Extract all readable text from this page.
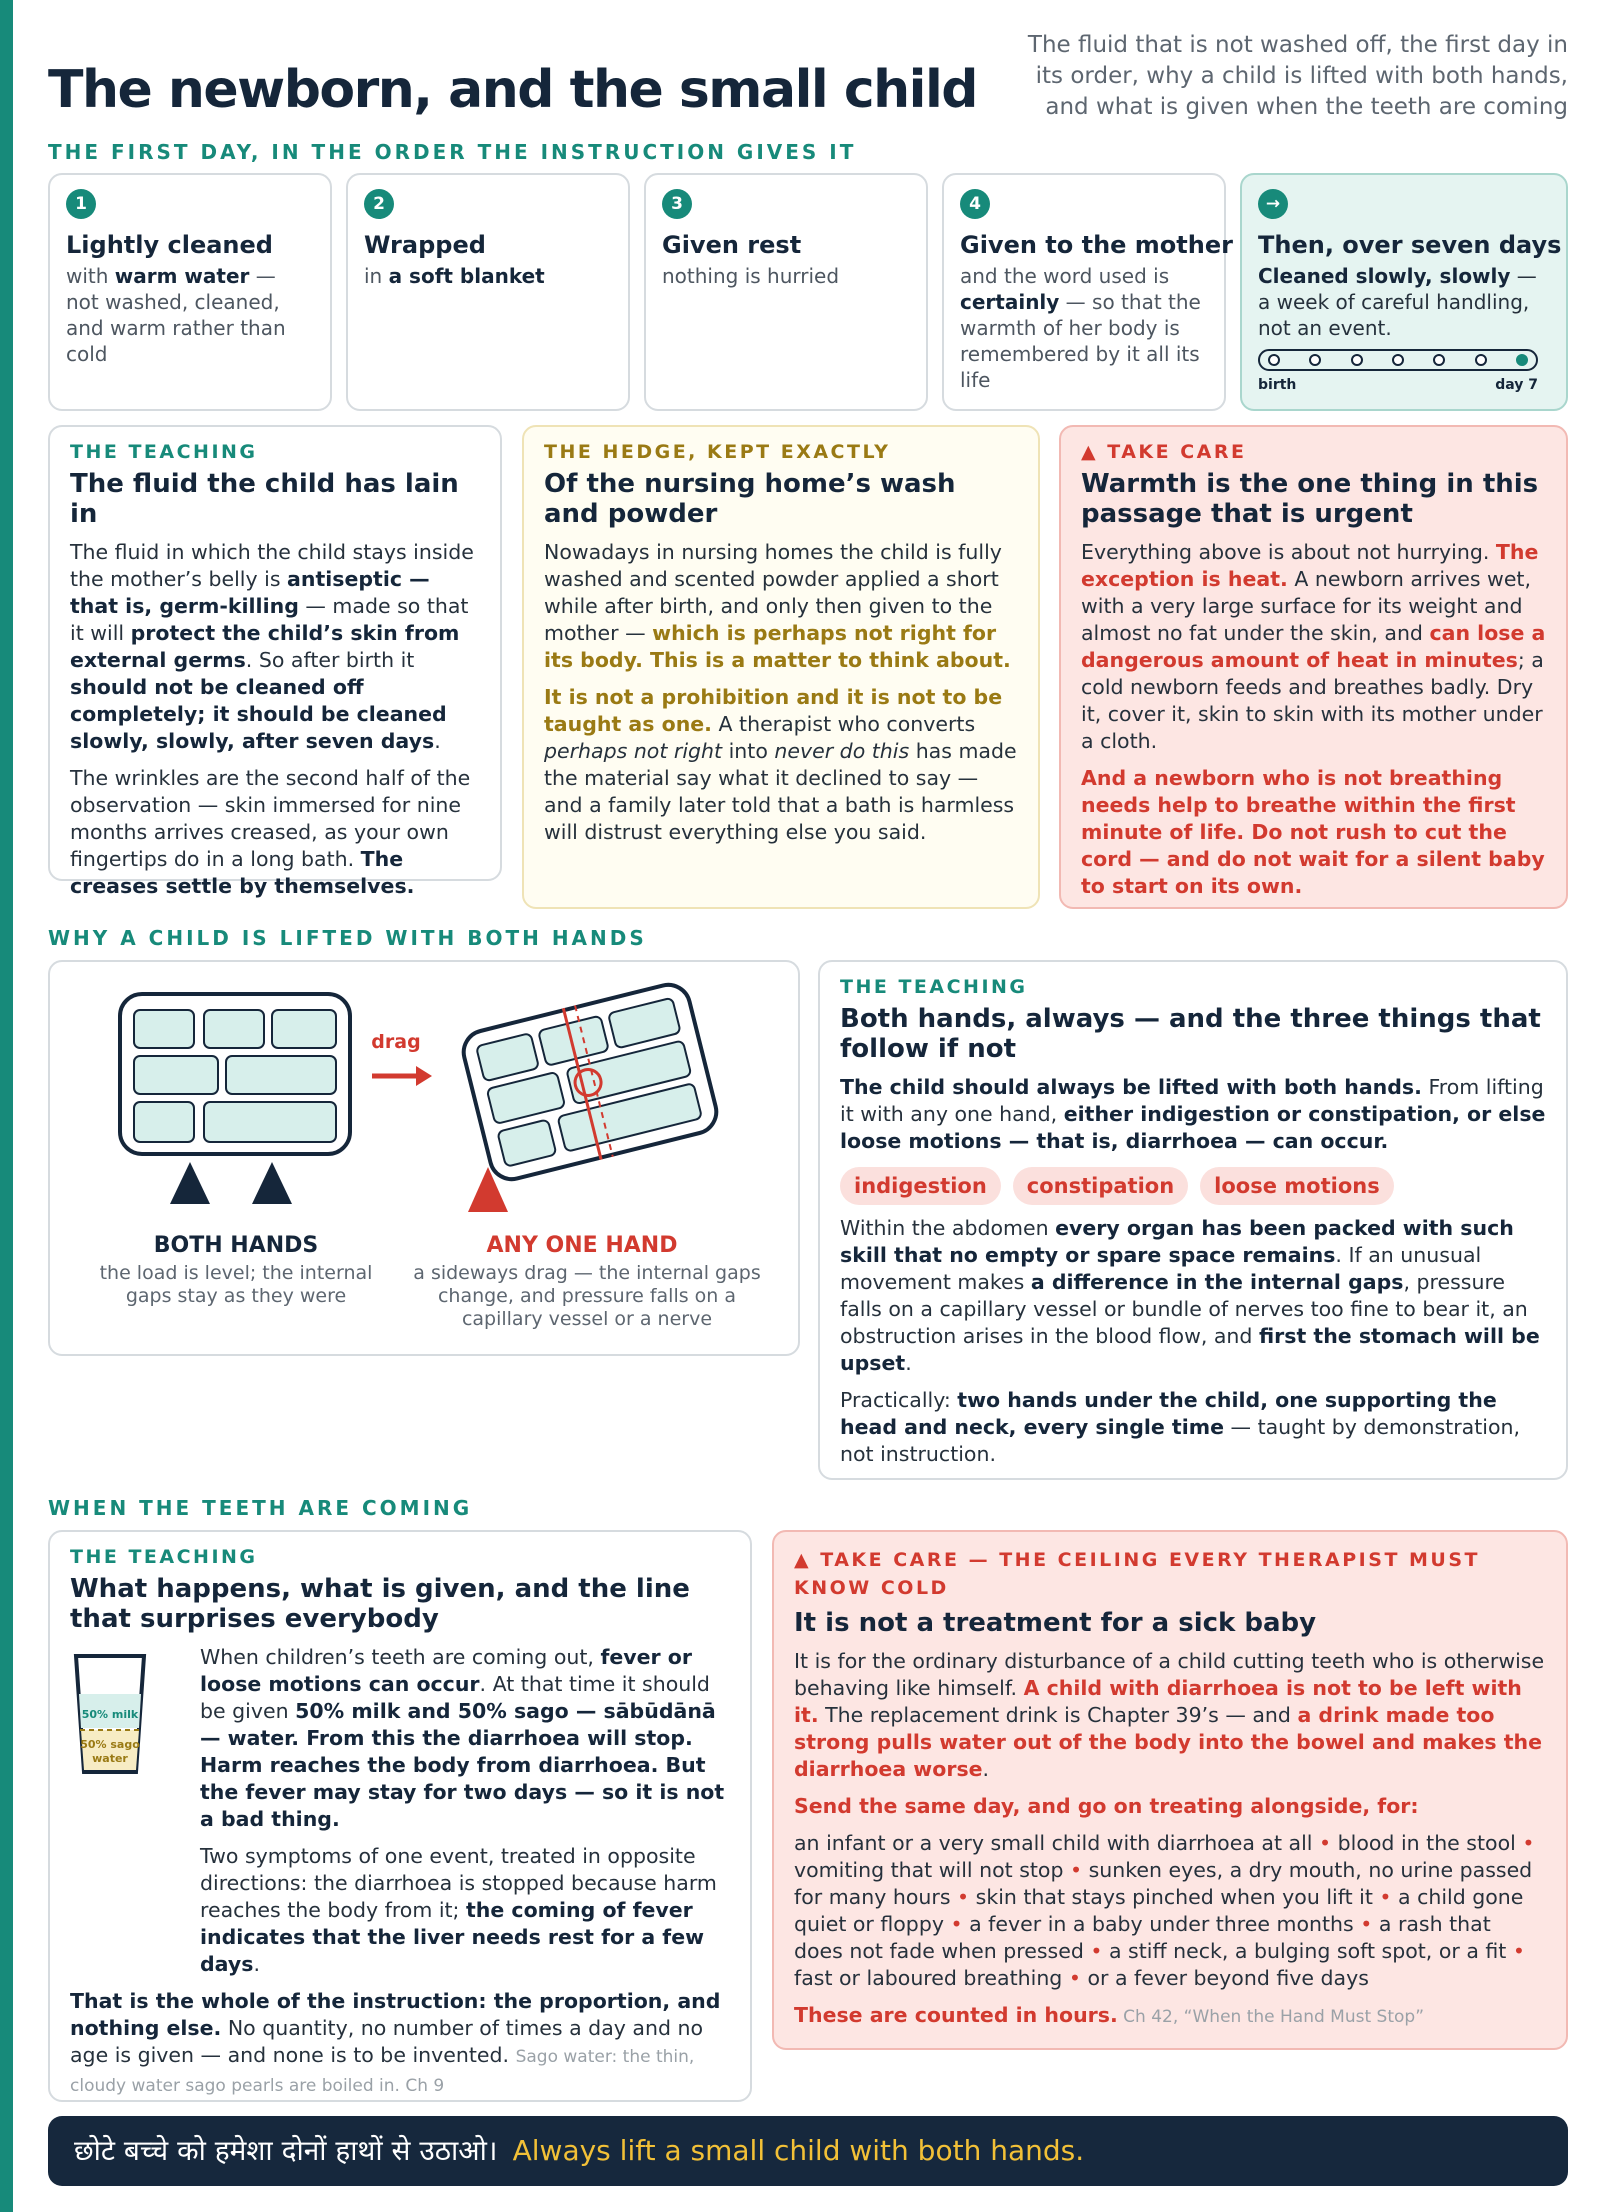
The newborn, and the small child
The fluid that is not washed off, the first day in its order, why a child is lifted with both hands, and what is given when the teeth are coming
THE FIRST DAY, IN THE ORDER THE INSTRUCTION GIVES IT
1
Lightly cleaned
with warm water — not washed, cleaned, and warm rather than cold
2
Wrapped
in a soft blanket
3
Given rest
nothing is hurried
4
Given to the mother
and the word used is certainly — so that the warmth of her body is remembered by it all its life
→
Then, over seven days
Cleaned slowly, slowly — a week of careful handling, not an event.
birth	day 7
THE TEACHING
The fluid the child has lain in
The fluid in which the child stays inside the mother’s belly is antiseptic — that is, germ-killing — made so that it will protect the child’s skin from external germs. So after birth it should not be cleaned off completely; it should be cleaned slowly, slowly, after seven days.
The wrinkles are the second half of the observation — skin immersed for nine months arrives creased, as your own fingertips do in a long bath. The creases settle by themselves.
THE HEDGE, KEPT EXACTLY
Of the nursing home’s wash and powder
Nowadays in nursing homes the child is fully washed and scented powder applied a short while after birth, and only then given to the mother — which is perhaps not right for its body. This is a matter to think about.
It is not a prohibition and it is not to be taught as one. A therapist who converts perhaps not right into never do this has made the material say what it declined to say — and a family later told that a bath is harmless will distrust everything else you said.
▲ TAKE CARE
Warmth is the one thing in this passage that is urgent
Everything above is about not hurrying. The exception is heat. A newborn arrives wet, with a very large surface for its weight and almost no fat under the skin, and can lose a dangerous amount of heat in minutes; a cold newborn feeds and breathes badly. Dry it, cover it, skin to skin with its mother under a cloth.
And a newborn who is not breathing needs help to breathe within the first minute of life. Do not rush to cut the cord — and do not wait for a silent baby to start on its own.
WHY A CHILD IS LIFTED WITH BOTH HANDS
drag
BOTH HANDS	ANY ONE HAND
the load is level; the internal gaps stay as they were
a sideways drag — the internal gaps change, and pressure falls on a capillary vessel or a nerve
THE TEACHING
Both hands, always — and the three things that follow if not
The child should always be lifted with both hands. From lifting it with any one hand, either indigestion or constipation, or else loose motions — that is, diarrhoea — can occur.
indigestion constipation loose motions
Within the abdomen every organ has been packed with such skill that no empty or spare space remains. If an unusual movement makes a difference in the internal gaps, pressure falls on a capillary vessel or bundle of nerves too fine to bear it, an obstruction arises in the blood flow, and first the stomach will be upset.
Practically: two hands under the child, one supporting the head and neck, every single time — taught by demonstration, not instruction.
WHEN THE TEETH ARE COMING
THE TEACHING
What happens, what is given, and the line that surprises everybody
50% milk
50% sago
water
When children’s teeth are coming out, fever or loose motions can occur. At that time it should be given 50% milk and 50% sago — sābūdānā — water. From this the diarrhoea will stop. Harm reaches the body from diarrhoea. But the fever may stay for two days — so it is not a bad thing.
Two symptoms of one event, treated in opposite directions: the diarrhoea is stopped because harm reaches the body from it; the coming of fever indicates that the liver needs rest for a few days.
That is the whole of the instruction: the proportion, and nothing else. No quantity, no number of times a day and no age is given — and none is to be invented. Sago water: the thin, cloudy water sago pearls are boiled in. Ch 9
▲ TAKE CARE — THE CEILING EVERY THERAPIST MUST KNOW COLD
It is not a treatment for a sick baby
It is for the ordinary disturbance of a child cutting teeth who is otherwise behaving like himself. A child with diarrhoea is not to be left with it. The replacement drink is Chapter 39’s — and a drink made too strong pulls water out of the body into the bowel and makes the diarrhoea worse.
Send the same day, and go on treating alongside, for:
an infant or a very small child with diarrhoea at all • blood in the stool • vomiting that will not stop • sunken eyes, a dry mouth, no urine passed for many hours • skin that stays pinched when you lift it • a child gone quiet or floppy • a fever in a baby under three months • a rash that does not fade when pressed • a stiff neck, a bulging soft spot, or a fit • fast or laboured breathing • or a fever beyond five days
These are counted in hours. Ch 42, “When the Hand Must Stop”
छोटे बच्चे को हमेशा दोनों हाथों से उठाओ। Always lift a small child with both hands.
